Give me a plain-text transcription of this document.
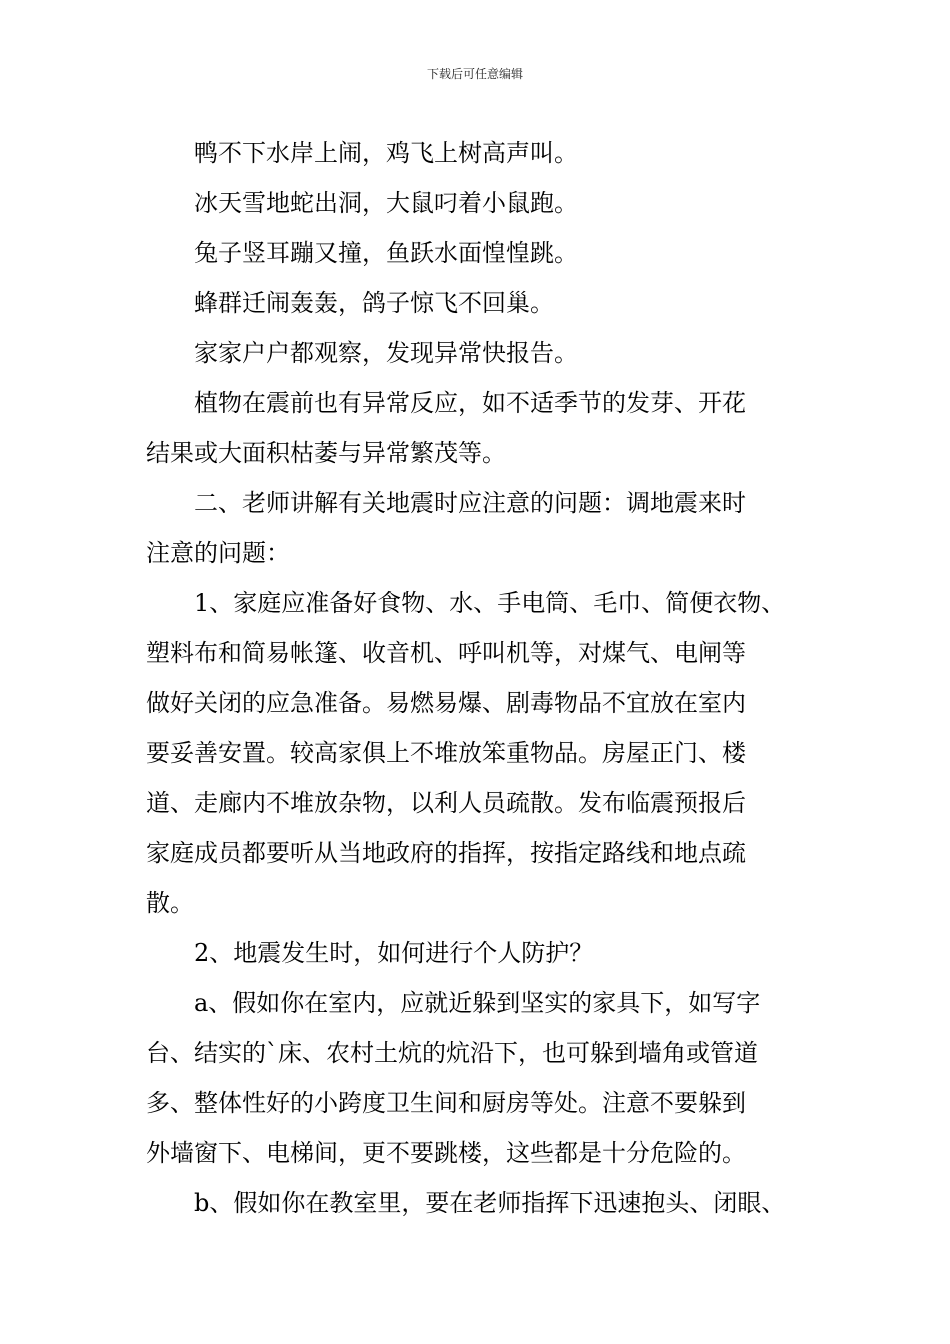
下载后可任意编辑

鸭不下水岸上闹，鸡飞上树高声叫。

冰天雪地蛇出洞，大鼠叼着小鼠跑。

兔子竖耳蹦又撞，鱼跃水面惶惶跳。

蜂群迁闹轰轰，鸽子惊飞不回巢。

家家户户都观察，发现异常快报告。

植物在震前也有异常反应，如不适季节的发芽、开花
结果或大面积枯萎与异常繁茂等。

二、老师讲解有关地震时应注意的问题：调地震来时
注意的问题：

1、家庭应准备好食物、水、手电筒、毛巾、简便衣物、
塑料布和简易帐篷、收音机、呼叫机等，对煤气、电闸等
做好关闭的应急准备。易燃易爆、剧毒物品不宜放在室内
要妥善安置。较高家俱上不堆放笨重物品。房屋正门、楼
道、走廊内不堆放杂物，以利人员疏散。发布临震预报后
家庭成员都要听从当地政府的指挥，按指定路线和地点疏
散。

2、地震发生时，如何进行个人防护？

a、假如你在室内，应就近躲到坚实的家具下，如写字
台、结实的`床、农村土炕的炕沿下，也可躲到墙角或管道
多、整体性好的小跨度卫生间和厨房等处。注意不要躲到
外墙窗下、电梯间，更不要跳楼，这些都是十分危险的。

b、假如你在教室里，要在老师指挥下迅速抱头、闭眼、
